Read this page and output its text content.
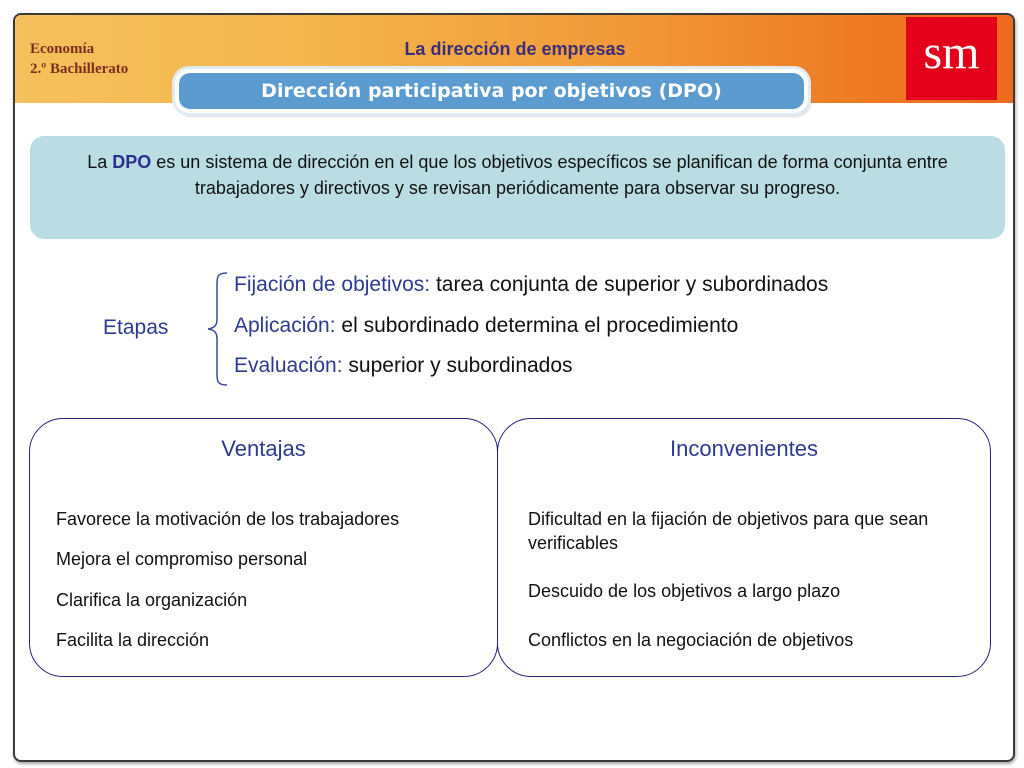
Economía
2.º Bachillerato
La dirección de empresas	sm
Dirección participativa por objetivos (DPO)
La DPO es un sistema de dirección en el que los objetivos específicos se planifican de forma conjunta entre trabajadores y directivos y se revisan periódicamente para observar su progreso.
Etapas
Fijación de objetivos: tarea conjunta de superior y subordinados
Aplicación: el subordinado determina el procedimiento
Evaluación: superior y subordinados
Ventajas
Favorece la motivación de los trabajadores
Mejora el compromiso personal
Clarifica la organización
Facilita la dirección
Inconvenientes
Dificultad en la fijación de objetivos para que sean verificables
Descuido de los objetivos a largo plazo
Conflictos en la negociación de objetivos
